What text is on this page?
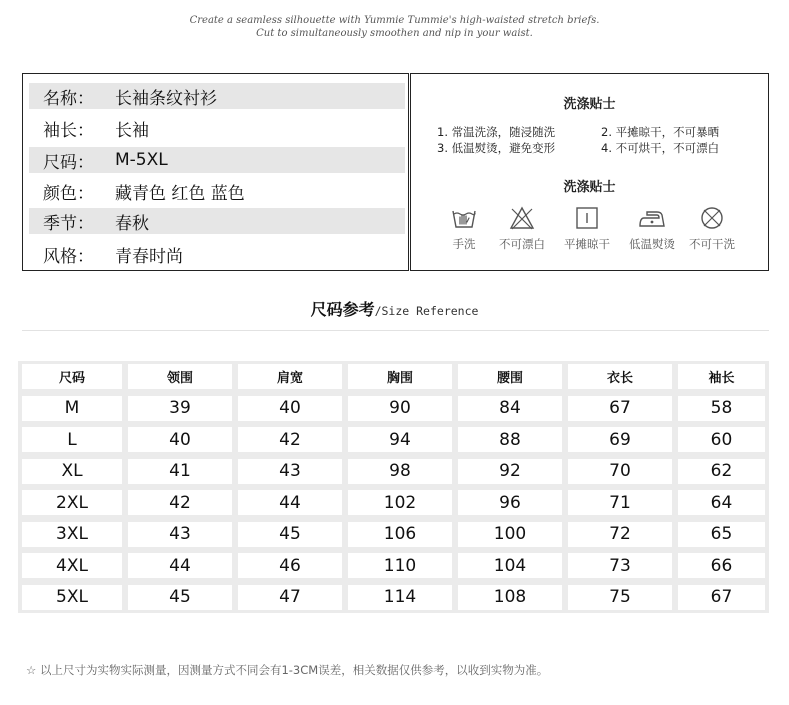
Create a seamless silhouette with Yummie Tummie's high-waisted stretch briefs.
Cut to simultaneously smoothen and nip in your waist.
名称：	长袖条纹衬衫
袖长：	长袖
尺码：	M-5XL
颜色：	藏青色 红色 蓝色
季节：	春秋
风格：	青春时尚
洗涤贴士
1. 常温洗涤，随浸随洗	2. 平摊晾干，不可暴晒
3. 低温熨烫，避免变形	4. 不可烘干，不可漂白
洗涤贴士
手洗	不可漂白	平摊晾干	低温熨烫	不可干洗
尺码参考/Size Reference
尺码	领围	肩宽	胸围	腰围	衣长	袖长
M	39	40	90	84	67	58
L	40	42	94	88	69	60
XL	41	43	98	92	70	62
2XL	42	44	102	96	71	64
3XL	43	45	106	100	72	65
4XL	44	46	110	104	73	66
5XL	45	47	114	108	75	67
☆ 以上尺寸为实物实际测量，因测量方式不同会有1-3CM误差，相关数据仅供参考，以收到实物为准。
